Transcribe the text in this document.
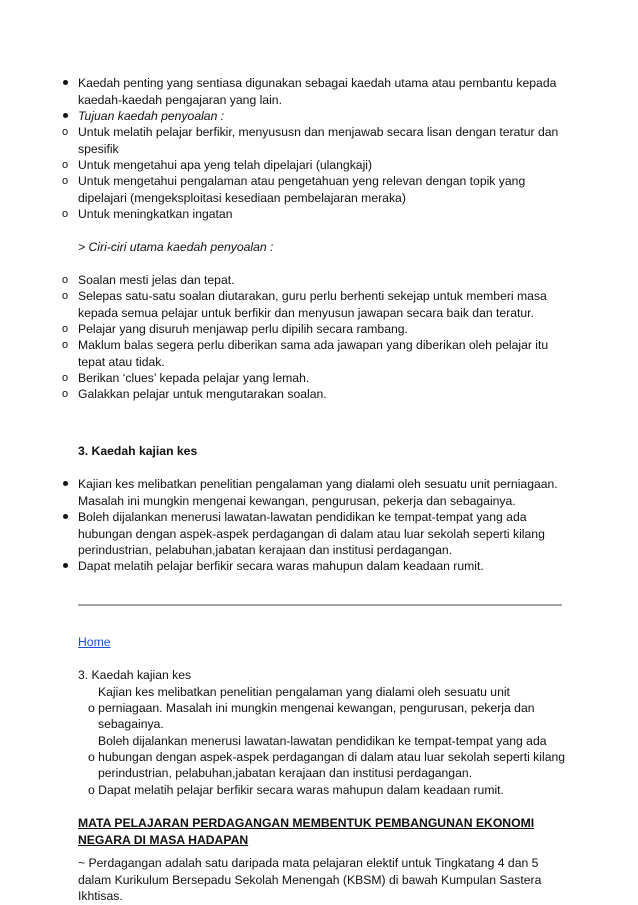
Kaedah penting yang sentiasa digunakan sebagai kaedah utama atau pembantu kepada kaedah-kaedah pengajaran yang lain.
Tujuan kaedah penyoalan :
o Untuk melatih pelajar berfikir, menyususn dan menjawab secara lisan dengan teratur dan spesifik
o Untuk mengetahui apa yeng telah dipelajari (ulangkaji)
o Untuk mengetahui pengalaman atau pengetahuan yeng relevan dengan topik yang dipelajari (mengeksploitasi kesediaan pembelajaran meraka)
o Untuk meningkatkan ingatan
> Ciri-ciri utama kaedah penyoalan :
o Soalan mesti jelas dan tepat.
o Selepas satu-satu soalan diutarakan, guru perlu berhenti sekejap untuk memberi masa kepada semua pelajar untuk berfikir dan menyusun jawapan secara baik dan teratur.
o Pelajar yang disuruh menjawap perlu dipilih secara rambang.
o Maklum balas segera perlu diberikan sama ada jawapan yang diberikan oleh pelajar itu tepat atau tidak.
o Berikan ‘clues’ kepada pelajar yang lemah.
o Galakkan pelajar untuk mengutarakan soalan.
3. Kaedah kajian kes
Kajian kes melibatkan penelitian pengalaman yang dialami oleh sesuatu unit perniagaan. Masalah ini mungkin mengenai kewangan, pengurusan, pekerja dan sebagainya.
Boleh dijalankan menerusi lawatan-lawatan pendidikan ke tempat-tempat yang ada hubungan dengan aspek-aspek perdagangan di dalam atau luar sekolah seperti kilang perindustrian, pelabuhan,jabatan kerajaan dan institusi perdagangan.
Dapat melatih pelajar berfikir secara waras mahupun dalam keadaan rumit.
Home
3. Kaedah kajian kes
Kajian kes melibatkan penelitian pengalaman yang dialami oleh sesuatu unit
o perniagaan. Masalah ini mungkin mengenai kewangan, pengurusan, pekerja dan
sebagainya.
Boleh dijalankan menerusi lawatan-lawatan pendidikan ke tempat-tempat yang ada
o hubungan dengan aspek-aspek perdagangan di dalam atau luar sekolah seperti kilang
perindustrian, pelabuhan,jabatan kerajaan dan institusi perdagangan.
o Dapat melatih pelajar berfikir secara waras mahupun dalam keadaan rumit.
MATA PELAJARAN PERDAGANGAN MEMBENTUK PEMBANGUNAN EKONOMI NEGARA DI MASA HADAPAN
~ Perdagangan adalah satu daripada mata pelajaran elektif untuk Tingkatang 4 dan 5 dalam Kurikulum Bersepadu Sekolah Menengah (KBSM) di bawah Kumpulan Sastera Ikhtisas.
